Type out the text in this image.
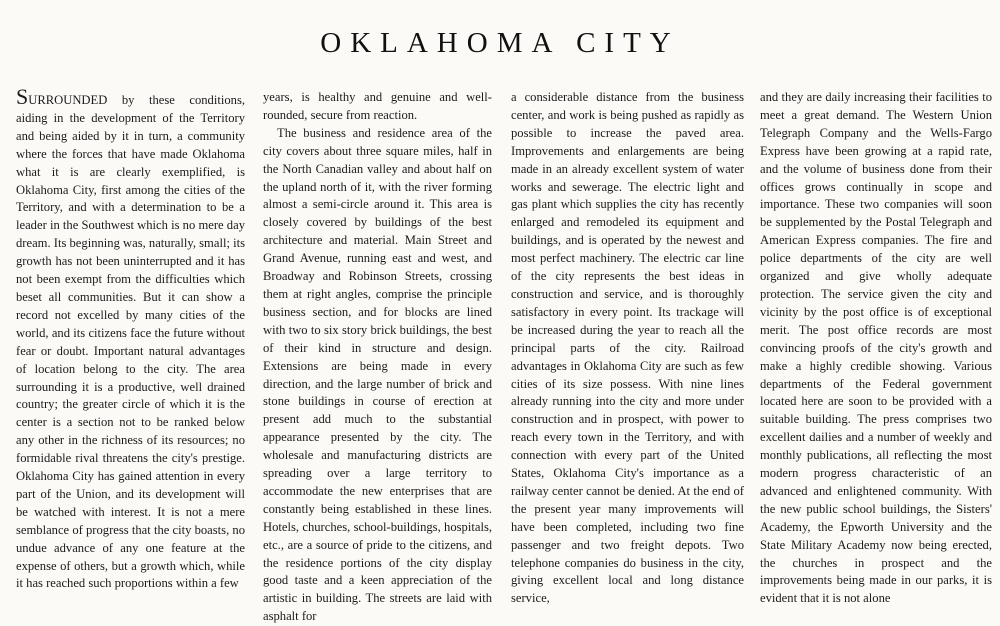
OKLAHOMA CITY

SURROUNDED by these conditions, aiding in the development of the Territory and being aided by it in turn, a community where the forces that have made Oklahoma what it is are clearly exemplified, is Oklahoma City, first among the cities of the Territory, and with a determination to be a leader in the Southwest which is no mere day dream. Its beginning was, naturally, small; its growth has not been uninterrupted and it has not been exempt from the difficulties which beset all communities. But it can show a record not excelled by many cities of the world, and its citizens face the future without fear or doubt. Important natural advantages of location belong to the city. The area surrounding it is a productive, well drained country; the greater circle of which it is the center is a section not to be ranked below any other in the richness of its resources; no formidable rival threatens the city's prestige. Oklahoma City has gained attention in every part of the Union, and its development will be watched with interest. It is not a mere semblance of progress that the city boasts, no undue advance of any one feature at the expense of others, but a growth which, while it has reached such proportions within a few

years, is healthy and genuine and well-rounded, secure from reaction.

The business and residence area of the city covers about three square miles, half in the North Canadian valley and about half on the upland north of it, with the river forming almost a semi-circle around it. This area is closely covered by buildings of the best architecture and material. Main Street and Grand Avenue, running east and west, and Broadway and Robinson Streets, crossing them at right angles, comprise the principle business section, and for blocks are lined with two to six story brick buildings, the best of their kind in structure and design. Extensions are being made in every direction, and the large number of brick and stone buildings in course of erection at present add much to the substantial appearance presented by the city. The wholesale and manufacturing districts are spreading over a large territory to accommodate the new enterprises that are constantly being established in these lines. Hotels, churches, school-buildings, hospitals, etc., are a source of pride to the citizens, and the residence portions of the city display good taste and a keen appreciation of the artistic in building. The streets are laid with asphalt for

a considerable distance from the business center, and work is being pushed as rapidly as possible to increase the paved area. Improvements and enlargements are being made in an already excellent system of water works and sewerage. The electric light and gas plant which supplies the city has recently enlarged and remodeled its equipment and buildings, and is operated by the newest and most perfect machinery. The electric car line of the city represents the best ideas in construction and service, and is thoroughly satisfactory in every point. Its trackage will be increased during the year to reach all the principal parts of the city. Railroad advantages in Oklahoma City are such as few cities of its size possess. With nine lines already running into the city and more under construction and in prospect, with power to reach every town in the Territory, and with connection with every part of the United States, Oklahoma City's importance as a railway center cannot be denied. At the end of the present year many improvements will have been completed, including two fine passenger and two freight depots. Two telephone companies do business in the city, giving excellent local and long distance service,

and they are daily increasing their facilities to meet a great demand. The Western Union Telegraph Company and the Wells-Fargo Express have been growing at a rapid rate, and the volume of business done from their offices grows continually in scope and importance. These two companies will soon be supplemented by the Postal Telegraph and American Express companies. The fire and police departments of the city are well organized and give wholly adequate protection. The service given the city and vicinity by the post office is of exceptional merit. The post office records are most convincing proofs of the city's growth and make a highly credible showing. Various departments of the Federal government located here are soon to be provided with a suitable building. The press comprises two excellent dailies and a number of weekly and monthly publications, all reflecting the most modern progress characteristic of an advanced and enlightened community. With the new public school buildings, the Sisters' Academy, the Epworth University and the State Military Academy now being erected, the churches in prospect and the improvements being made in our parks, it is evident that it is not alone
